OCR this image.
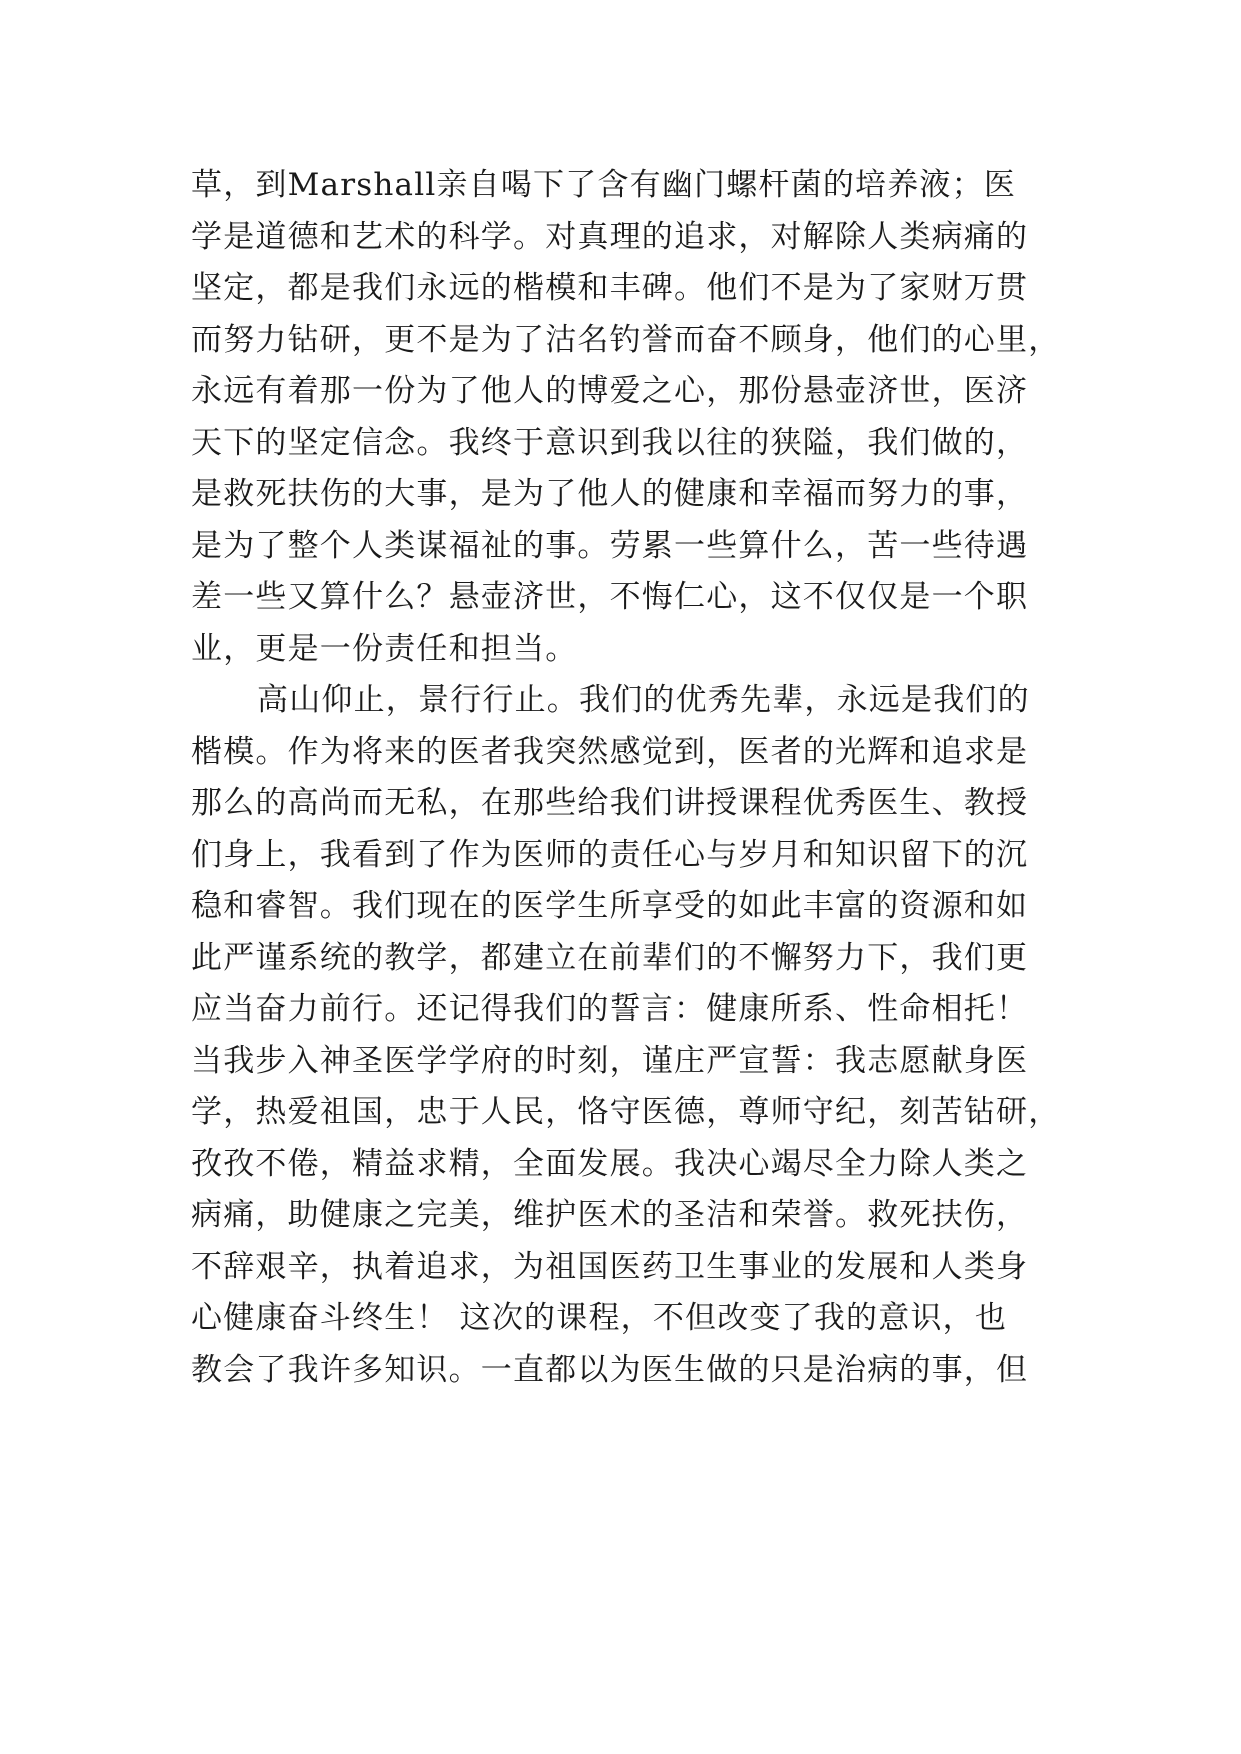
草，到Marshall亲自喝下了含有幽门螺杆菌的培养液；医
学是道德和艺术的科学。对真理的追求，对解除人类病痛的
坚定，都是我们永远的楷模和丰碑。他们不是为了家财万贯
而努力钻研，更不是为了沽名钓誉而奋不顾身，他们的心里，
永远有着那一份为了他人的博爱之心，那份悬壶济世，医济
天下的坚定信念。我终于意识到我以往的狭隘，我们做的，
是救死扶伤的大事，是为了他人的健康和幸福而努力的事，
是为了整个人类谋福祉的事。劳累一些算什么，苦一些待遇
差一些又算什么？悬壶济世，不悔仁心，这不仅仅是一个职
业，更是一份责任和担当。
高山仰止，景行行止。我们的优秀先辈，永远是我们的
楷模。作为将来的医者我突然感觉到，医者的光辉和追求是
那么的高尚而无私，在那些给我们讲授课程优秀医生、教授
们身上，我看到了作为医师的责任心与岁月和知识留下的沉
稳和睿智。我们现在的医学生所享受的如此丰富的资源和如
此严谨系统的教学，都建立在前辈们的不懈努力下，我们更
应当奋力前行。还记得我们的誓言：健康所系、性命相托！
当我步入神圣医学学府的时刻，谨庄严宣誓：我志愿献身医
学，热爱祖国，忠于人民，恪守医德，尊师守纪，刻苦钻研，
孜孜不倦，精益求精，全面发展。我决心竭尽全力除人类之
病痛，助健康之完美，维护医术的圣洁和荣誉。救死扶伤，
不辞艰辛，执着追求，为祖国医药卫生事业的发展和人类身
心健康奋斗终生！ 这次的课程，不但改变了我的意识，也
教会了我许多知识。一直都以为医生做的只是治病的事，但
